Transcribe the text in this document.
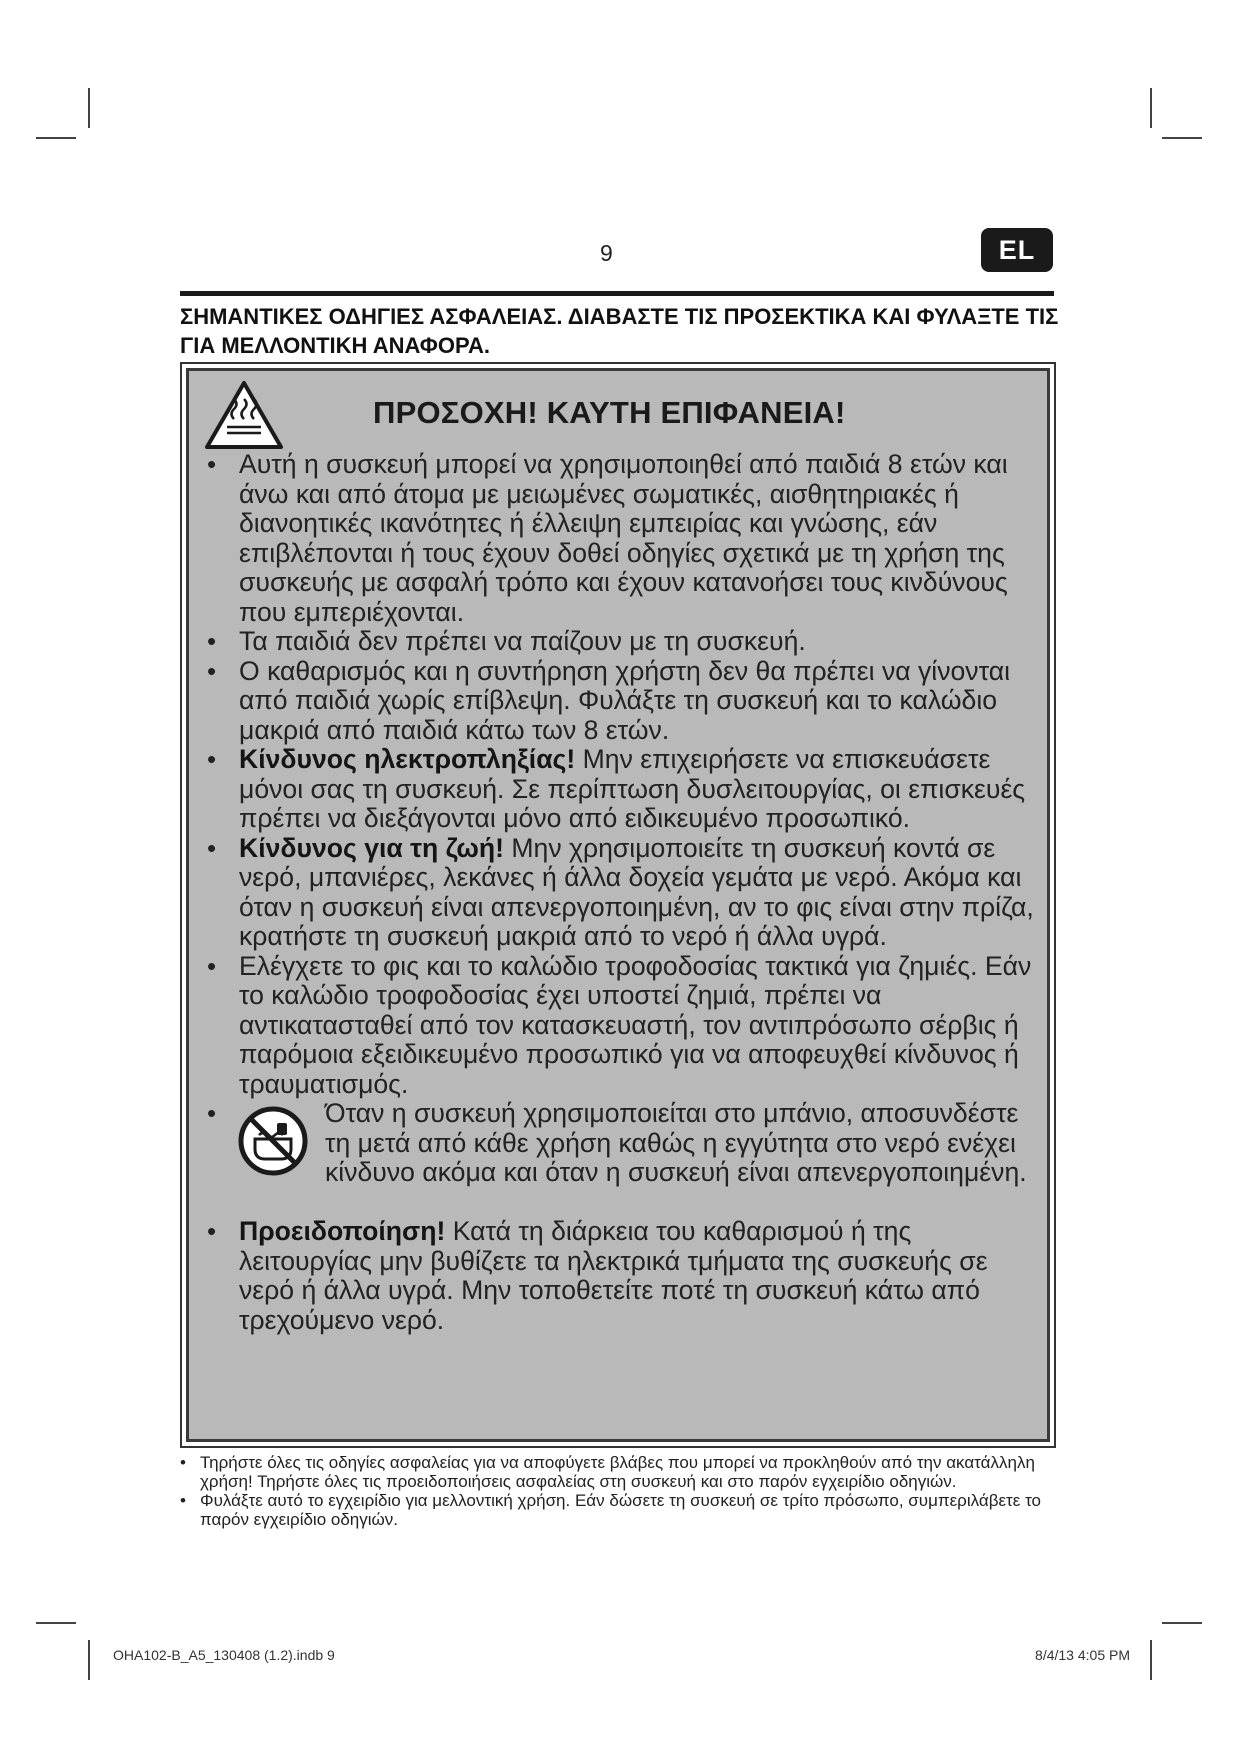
9	EL
ΣΗΜΑΝΤΙΚΕΣ ΟΔΗΓΙΕΣ ΑΣΦΑΛΕΙΑΣ. ΔΙΑΒΑΣΤΕ ΤΙΣ ΠΡΟΣΕΚΤΙΚΑ ΚΑΙ ΦΥΛΑΞΤΕ ΤΙΣ ΓΙΑ ΜΕΛΛΟΝΤΙΚΗ ΑΝΑΦΟΡΑ.
ΠΡΟΣΟΧΗ! ΚΑΥΤΗ ΕΠΙΦΑΝΕΙΑ!
• Αυτή η συσκευή μπορεί να χρησιμοποιηθεί από παιδιά 8 ετών και άνω και από άτομα με μειωμένες σωματικές, αισθητηριακές ή διανοητικές ικανότητες ή έλλειψη εμπειρίας και γνώσης, εάν επιβλέπονται ή τους έχουν δοθεί οδηγίες σχετικά με τη χρήση της συσκευής με ασφαλή τρόπο και έχουν κατανοήσει τους κινδύνους που εμπεριέχονται.
• Τα παιδιά δεν πρέπει να παίζουν με τη συσκευή.
• Ο καθαρισμός και η συντήρηση χρήστη δεν θα πρέπει να γίνονται από παιδιά χωρίς επίβλεψη. Φυλάξτε τη συσκευή και το καλώδιο μακριά από παιδιά κάτω των 8 ετών.
• Κίνδυνος ηλεκτροπληξίας! Μην επιχειρήσετε να επισκευάσετε μόνοι σας τη συσκευή. Σε περίπτωση δυσλειτουργίας, οι επισκευές πρέπει να διεξάγονται μόνο από ειδικευμένο προσωπικό.
• Κίνδυνος για τη ζωή! Μην χρησιμοποιείτε τη συσκευή κοντά σε νερό, μπανιέρες, λεκάνες ή άλλα δοχεία γεμάτα με νερό. Ακόμα και όταν η συσκευή είναι απενεργοποιημένη, αν το φις είναι στην πρίζα, κρατήστε τη συσκευή μακριά από το νερό ή άλλα υγρά.
• Ελέγχετε το φις και το καλώδιο τροφοδοσίας τακτικά για ζημιές. Εάν το καλώδιο τροφοδοσίας έχει υποστεί ζημιά, πρέπει να αντικατασταθεί από τον κατασκευαστή, τον αντιπρόσωπο σέρβις ή παρόμοια εξειδικευμένο προσωπικό για να αποφευχθεί κίνδυνος ή τραυματισμός.
• Όταν η συσκευή χρησιμοποιείται στο μπάνιο, αποσυνδέστε τη μετά από κάθε χρήση καθώς η εγγύτητα στο νερό ενέχει κίνδυνο ακόμα και όταν η συσκευή είναι απενεργοποιημένη.
• Προειδοποίηση! Κατά τη διάρκεια του καθαρισμού ή της λειτουργίας μην βυθίζετε τα ηλεκτρικά τμήματα της συσκευής σε νερό ή άλλα υγρά. Μην τοποθετείτε ποτέ τη συσκευή κάτω από τρεχούμενο νερό.
• Τηρήστε όλες τις οδηγίες ασφαλείας για να αποφύγετε βλάβες που μπορεί να προκληθούν από την ακατάλληλη χρήση! Τηρήστε όλες τις προειδοποιήσεις ασφαλείας στη συσκευή και στο παρόν εγχειρίδιο οδηγιών.
• Φυλάξτε αυτό το εγχειρίδιο για μελλοντική χρήση. Εάν δώσετε τη συσκευή σε τρίτο πρόσωπο, συμπεριλάβετε το παρόν εγχειρίδιο οδηγιών.
OHA102-B_A5_130408 (1.2).indb 9	8/4/13 4:05 PM
